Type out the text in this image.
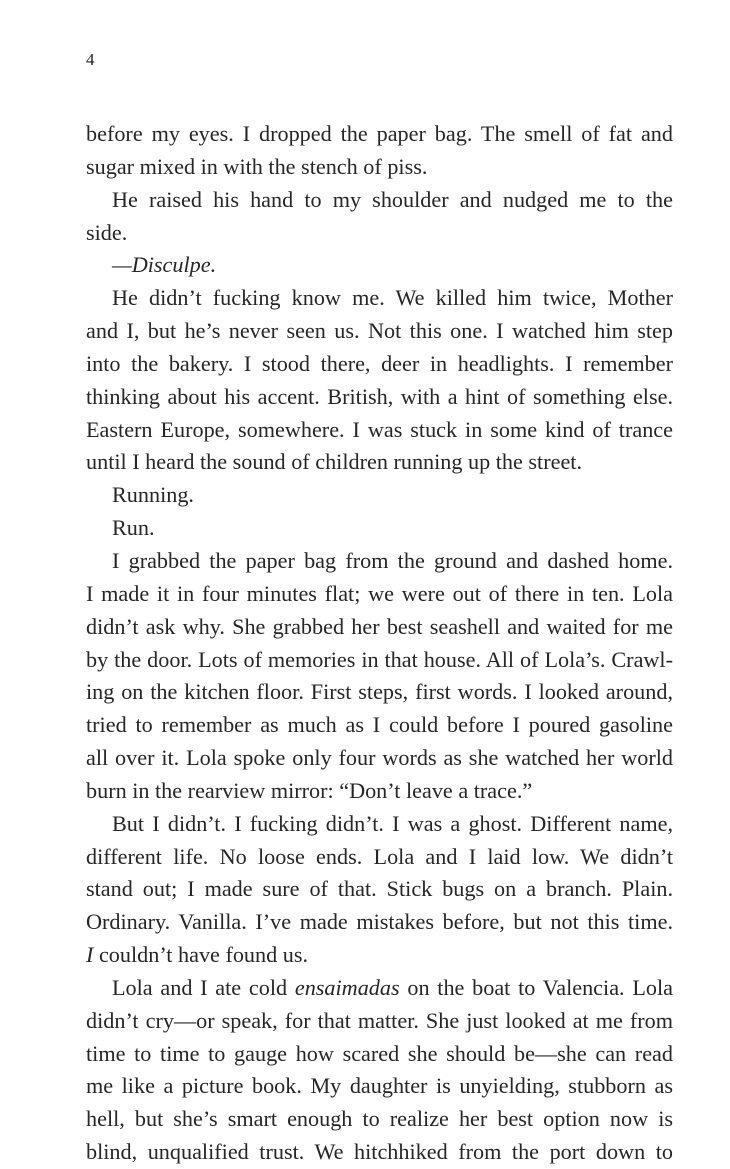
4
before my eyes. I dropped the paper bag. The smell of fat and
sugar mixed in with the stench of piss.
He raised his hand to my shoulder and nudged me to the
side.
—Disculpe.
He didn’t fucking know me. We killed him twice, Mother
and I, but he’s never seen us. Not this one. I watched him step
into the bakery. I stood there, deer in headlights. I remember
thinking about his accent. British, with a hint of something else.
Eastern Europe, somewhere. I was stuck in some kind of trance
until I heard the sound of children running up the street.
Running.
Run.
I grabbed the paper bag from the ground and dashed home.
I made it in four minutes flat; we were out of there in ten. Lola
didn’t ask why. She grabbed her best seashell and waited for me
by the door. Lots of memories in that house. All of Lola’s. Crawl-
ing on the kitchen floor. First steps, first words. I looked around,
tried to remember as much as I could before I poured gasoline
all over it. Lola spoke only four words as she watched her world
burn in the rearview mirror: “Don’t leave a trace.”
But I didn’t. I fucking didn’t. I was a ghost. Different name,
different life. No loose ends. Lola and I laid low. We didn’t
stand out; I made sure of that. Stick bugs on a branch. Plain.
Ordinary. Vanilla. I’ve made mistakes before, but not this time.
I couldn’t have found us.
Lola and I ate cold ensaimadas on the boat to Valencia. Lola
didn’t cry—or speak, for that matter. She just looked at me from
time to time to gauge how scared she should be—she can read
me like a picture book. My daughter is unyielding, stubborn as
hell, but she’s smart enough to realize her best option now is
blind, unqualified trust. We hitchhiked from the port down to
